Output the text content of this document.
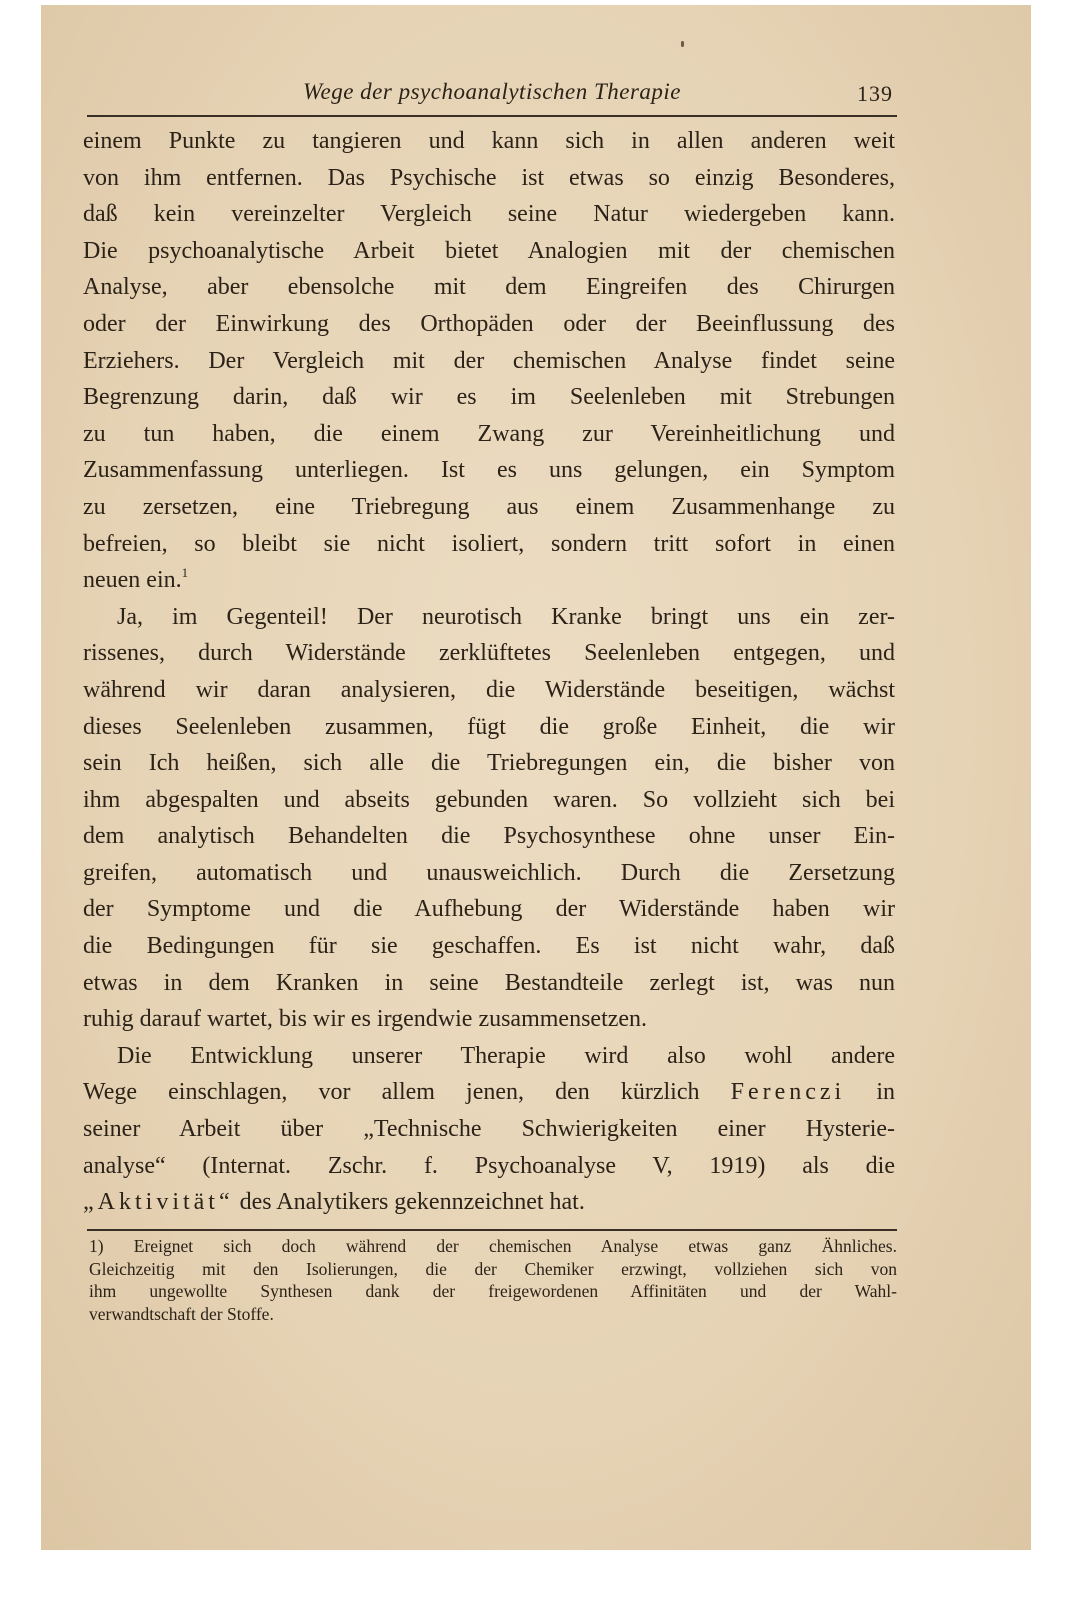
Wege der psychoanalytischen Therapie	139
einem Punkte zu tangieren und kann sich in allen anderen weit
von ihm entfernen. Das Psychische ist etwas so einzig Besonderes,
daß kein vereinzelter Vergleich seine Natur wiedergeben kann.
Die psychoanalytische Arbeit bietet Analogien mit der chemischen
Analyse, aber ebensolche mit dem Eingreifen des Chirurgen
oder der Einwirkung des Orthopäden oder der Beeinflussung des
Erziehers. Der Vergleich mit der chemischen Analyse findet seine
Begrenzung darin, daß wir es im Seelenleben mit Strebungen
zu tun haben, die einem Zwang zur Vereinheitlichung und
Zusammenfassung unterliegen. Ist es uns gelungen, ein Symptom
zu zersetzen, eine Triebregung aus einem Zusammenhange zu
befreien, so bleibt sie nicht isoliert, sondern tritt sofort in einen
neuen ein.$^1$
Ja, im Gegenteil! Der neurotisch Kranke bringt uns ein zer-
rissenes, durch Widerstände zerklüftetes Seelenleben entgegen, und
während wir daran analysieren, die Widerstände beseitigen, wächst
dieses Seelenleben zusammen, fügt die große Einheit, die wir
sein Ich heißen, sich alle die Triebregungen ein, die bisher von
ihm abgespalten und abseits gebunden waren. So vollzieht sich bei
dem analytisch Behandelten die Psychosynthese ohne unser Ein-
greifen, automatisch und unausweichlich. Durch die Zersetzung
der Symptome und die Aufhebung der Widerstände haben wir
die Bedingungen für sie geschaffen. Es ist nicht wahr, daß
etwas in dem Kranken in seine Bestandteile zerlegt ist, was nun
ruhig darauf wartet, bis wir es irgendwie zusammensetzen.
Die Entwicklung unserer Therapie wird also wohl andere
Wege einschlagen, vor allem jenen, den kürzlich Ferenczi in
seiner Arbeit über „Technische Schwierigkeiten einer Hysterie-
analyse“ (Internat. Zschr. f. Psychoanalyse V, 1919) als die
„Aktivität“ des Analytikers gekennzeichnet hat.
1) Ereignet sich doch während der chemischen Analyse etwas ganz Ähnliches.
Gleichzeitig mit den Isolierungen, die der Chemiker erzwingt, vollziehen sich von
ihm ungewollte Synthesen dank der freigewordenen Affinitäten und der Wahl-
verwandtschaft der Stoffe.
